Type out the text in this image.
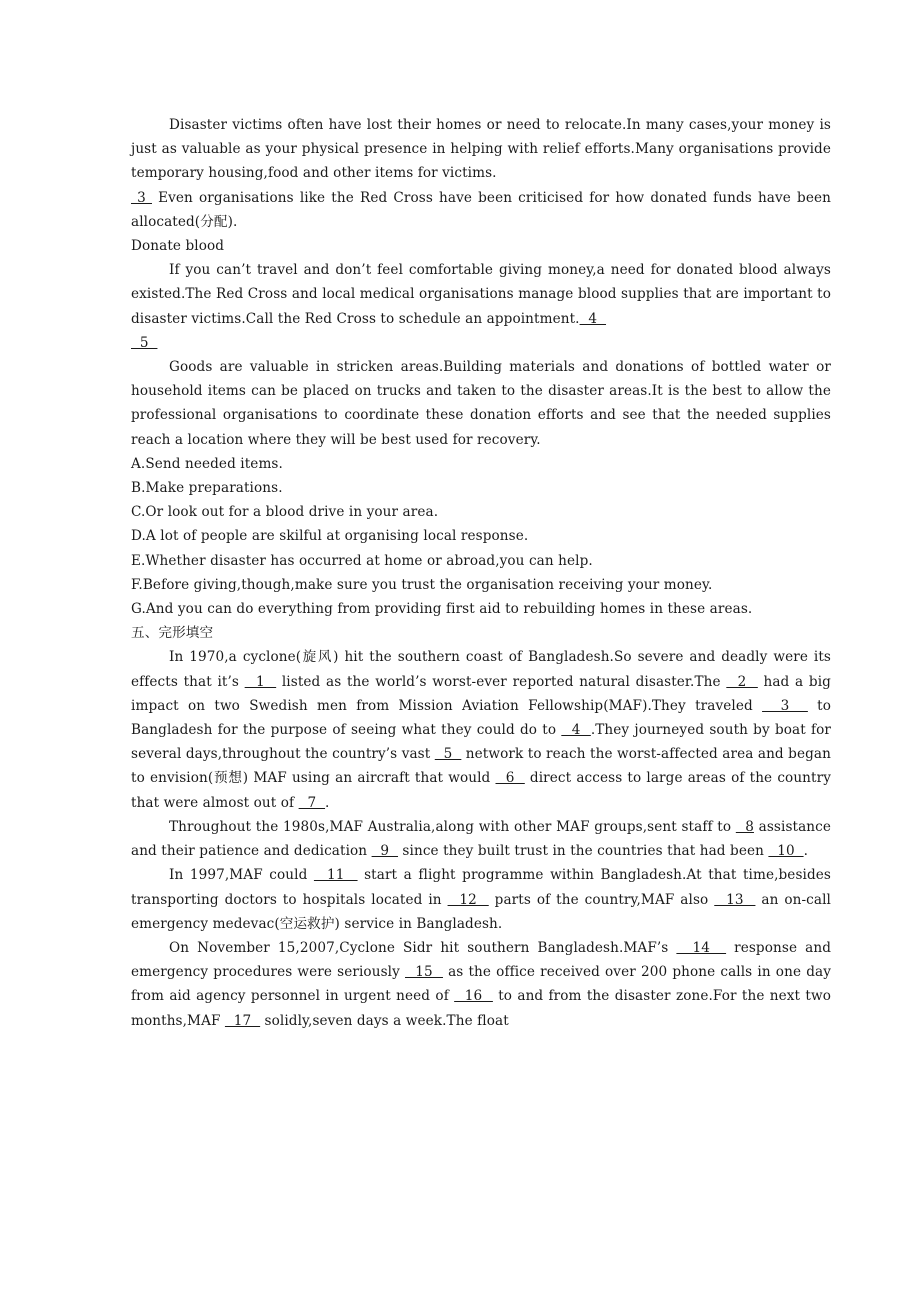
Disaster victims often have lost their homes or need to relocate.In many cases,your money is just as valuable as your physical presence in helping with relief efforts.Many organisations provide temporary housing,food and other items for victims.
3  Even organisations like the Red Cross have been criticised for how donated funds have been allocated(分配).

Donate blood

If you can’t travel and don’t feel comfortable giving money,a need for donated blood always existed.The Red Cross and local medical organisations manage blood supplies that are important to disaster victims.Call the Red Cross to schedule an appointment.  4

5

Goods are valuable in stricken areas.Building materials and donations of bottled water or household items can be placed on trucks and taken to the disaster areas.It is the best to allow the professional organisations to coordinate these donation efforts and see that the needed supplies reach a location where they will be best used for recovery.

A.Send needed items.

B.Make preparations.

C.Or look out for a blood drive in your area.

D.A lot of people are skilful at organising local response.

E.Whether disaster has occurred at home or abroad,you can help.

F.Before giving,though,make sure you trust the organisation receiving your money.

G.And you can do everything from providing first aid to rebuilding homes in these areas.

五、完形填空

In 1970,a cyclone(旋风) hit the southern coast of Bangladesh.So severe and deadly were its effects that it’s   1   listed as the world’s worst-ever reported natural disaster.The   2   had a big impact on two Swedish men from Mission Aviation Fellowship(MAF).They traveled   3   to Bangladesh for the purpose of seeing what they could do to   4  .They journeyed south by boat for several days,throughout the country’s vast   5   network to reach the worst-affected area and began to envision(预想) MAF using an aircraft that would   6   direct access to large areas of the country that were almost out of   7  .

Throughout the 1980s,MAF Australia,along with other MAF groups,sent staff to   8 assistance and their patience and dedication   9   since they built trust in the countries that had been   10  .

In 1997,MAF could   11   start a flight programme within Bangladesh.At that time,besides transporting doctors to hospitals located in   12   parts of the country,MAF also   13   an on-call emergency medevac(空运救护) service in Bangladesh.

On November 15,2007,Cyclone Sidr hit southern Bangladesh.MAF’s   14   response and emergency procedures were seriously   15   as the office received over 200 phone calls in one day from aid agency personnel in urgent need of   16   to and from the disaster zone.For the next two months,MAF   17   solidly,seven days a week.The float
